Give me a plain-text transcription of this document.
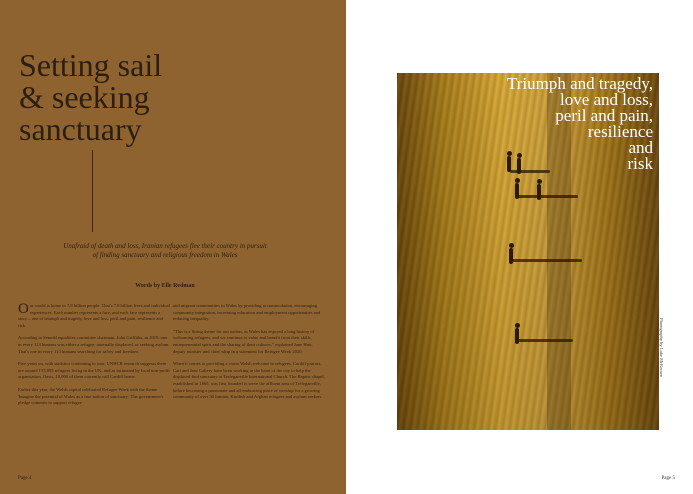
Setting sail
& seeking
sanctuary
Unafraid of death and loss, Iranian refugees flee their country in pursuit of finding sanctuary and religious freedom in Wales
Words by Elle Redman

Our world is home to 7.8 billion people. That's 7.8 billion lives and individual experiences. Each number represents a face, and each face represents a story – one of triumph and tragedy, love and loss, peril and pain, resilience and risk.

According to Senedd equalities committee chairman, John Griffiths, in 2019, one in every 113 humans was either a refugee, internally displaced, or seeking asylum. That's one in every 113 humans searching for safety and freedom.

Five years on, with statistics continuing to soar, UNHCR research suggests there are around 155,095 refugees living in the UK, and as estimated by local non-profit organisation, Oasis, 10,000 of them currently call Cardiff home.

Earlier this year, the Welsh capital celebrated Refugee Week with the theme 'Imagine the potential of Wales as a true nation of sanctuary.' The government's pledge commits to support refugee

and migrant communities in Wales by providing accommodation, encouraging community integration, increasing education and employment opportunities and reducing inequality.

"This is a fitting theme for our nation, as Wales has enjoyed a long history of welcoming refugees, and we continue to value and benefit from their skills, entrepreneurial spirit and the sharing of their cultures," explained Jane Hutt, deputy minister and chief whip in a statement for Refugee Week 2020.

When it comes to providing a warm Welsh welcome to refugees, Cardiff pastors, Carl and Jane Cakery have been working in the heart of the city to help the displaced find sanctuary at Trefeganville International Church. The Baptist chapel, established in 1865, was first founded to serve the affluent area of Trefeganville, before becoming a passionate and all-embracing place of worship for a growing community of over 30 Iranian, Kurdish and Afghan refugees and asylum seekers.

Page 4
Triumph and tragedy,
love and loss,
peril and pain,
resilience
and
risk
Photography by Luke McKeown
Page 5
